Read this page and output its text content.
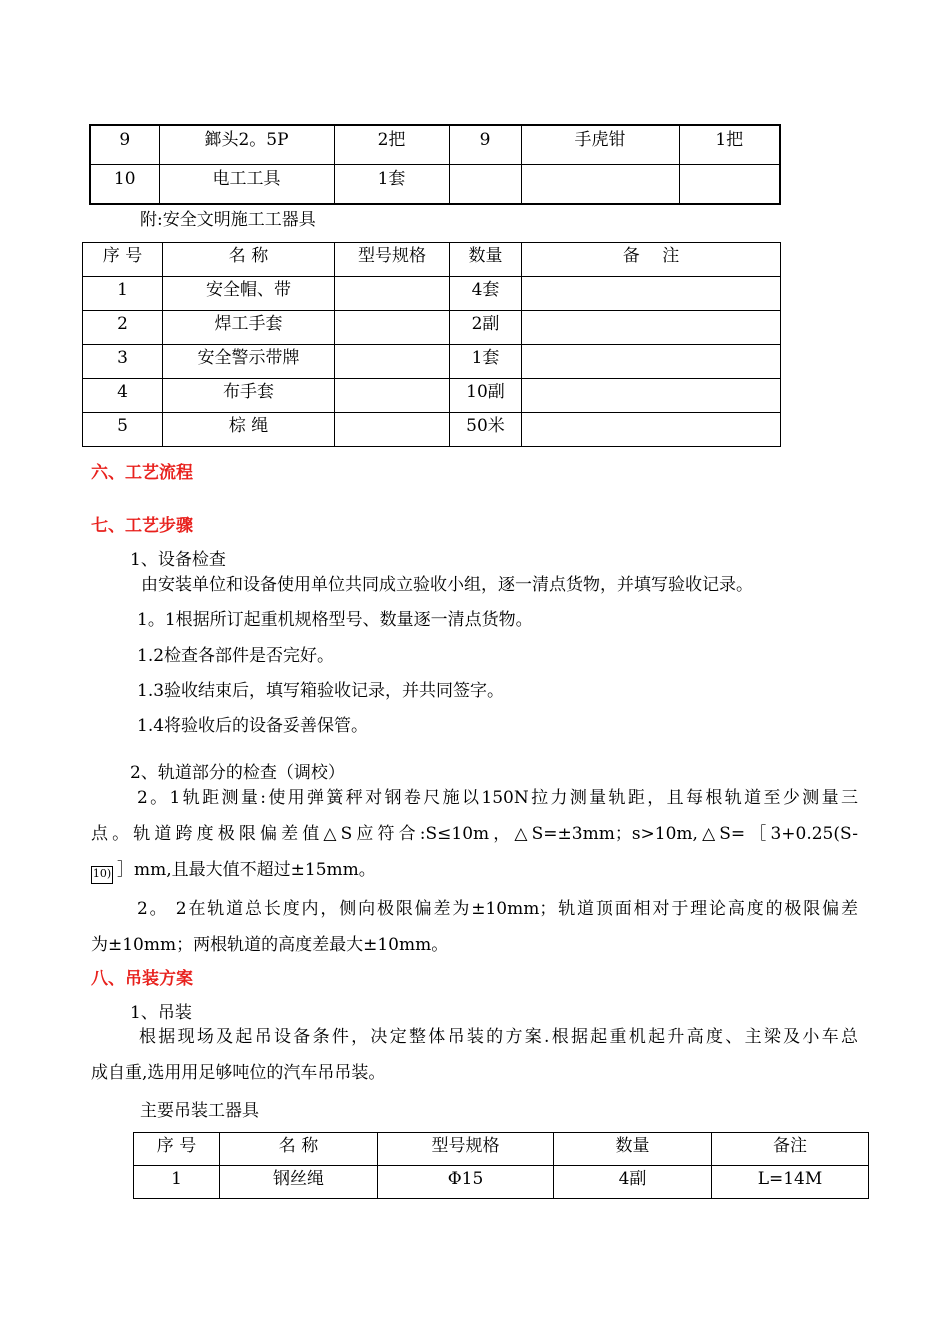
9	鎯头2。5P	2把	9	手虎钳	1把
10	电工工具	1套			
附:安全文明施工工器具
序 号	名 称	型号规格	数量	备　 注
1	安全帽、带		4套	
2	焊工手套		2副	
3	安全警示带牌		1套	
4	布手套		10副	
5	棕 绳		50米	
六、工艺流程
七、工艺步骤
1、设备检查
由安装单位和设备使用单位共同成立验收小组，逐一清点货物，并填写验收记录。
1。1根据所订起重机规格型号、数量逐一清点货物。
1.2检查各部件是否完好。
1.3验收结束后，填写箱验收记录，并共同签字。
1.4将验收后的设备妥善保管。
2、轨道部分的检查（调校）
2。1轨距测量:使用弹簧秤对钢卷尺施以150N拉力测量轨距，且每根轨道至少测量三
点。轨道跨度极限偏差值△S应符合:S≤10m，△S=±3mm；s>10m,△S=［3+0.25(S-
10) ］mm,且最大值不超过±15mm。
2。 2在轨道总长度内，侧向极限偏差为±10mm；轨道顶面相对于理论高度的极限偏差
为±10mm；两根轨道的高度差最大±10mm。
八、吊装方案
1、吊装
根据现场及起吊设备条件，决定整体吊装的方案.根据起重机起升高度、主梁及小车总
成自重,选用用足够吨位的汽车吊吊装。
主要吊装工器具
序 号	名 称	型号规格	数量	备注
1	钢丝绳	Φ15	4副	L=14M
